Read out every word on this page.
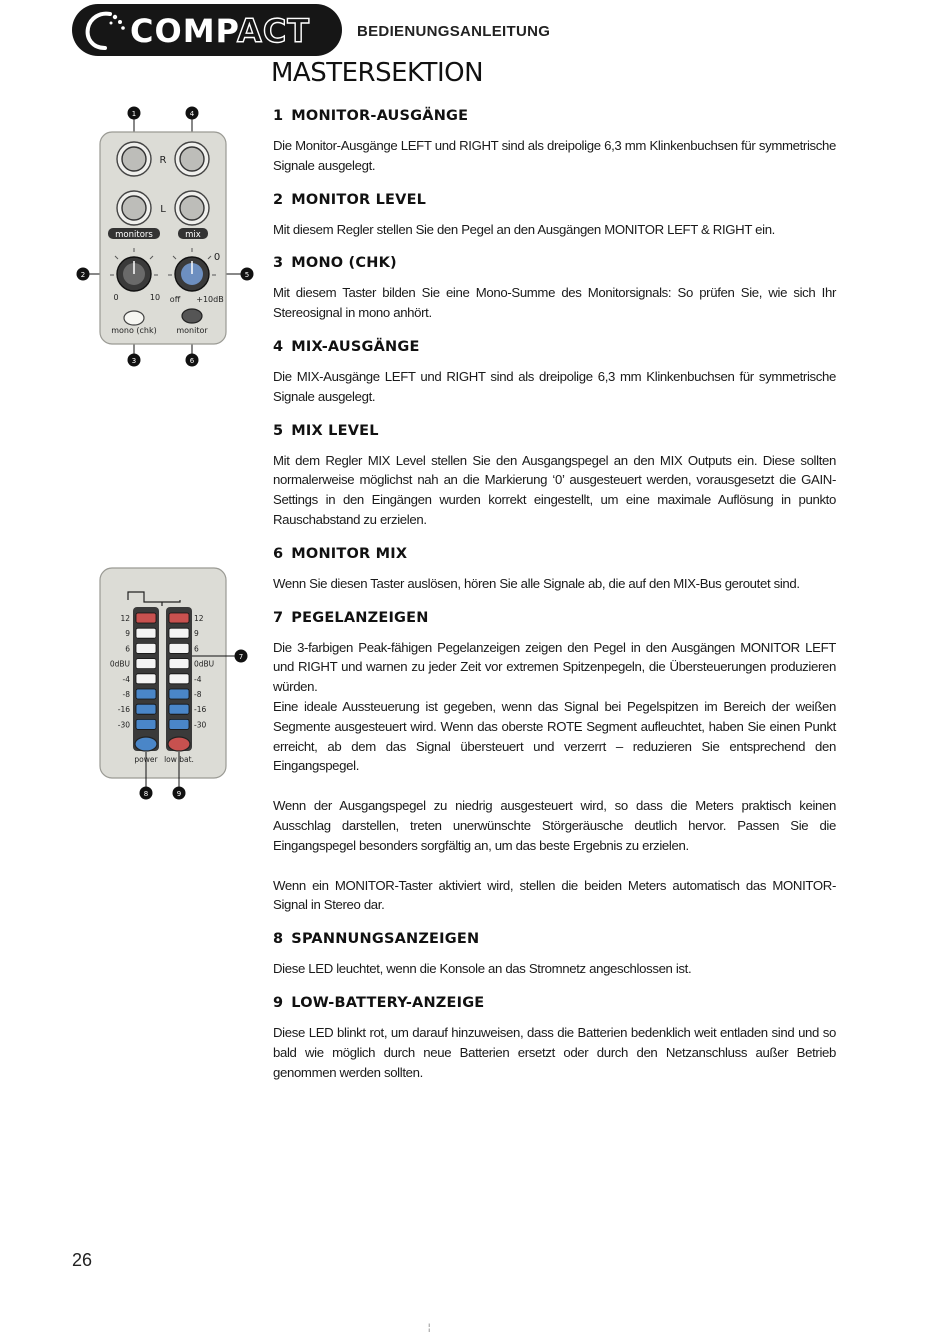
COMPACT	BEDIENUNGSANLEITUNG
MASTERSEKTION
R
L
monitors	mix
0	10 off +10dB
0
mono (chk) monitor
1	4
2	5
3	6
12
9
6
0dBU
-4
-8
-16
-30
12
9
6
0dBU
-4
-8
-16
-30
power low bat.
7
8	9
1 MONITOR-AUSGÄNGE

Die Monitor-Ausgänge LEFT und RIGHT sind als dreipolige 6,3 mm Klinkenbuchsen für symmetrische Signale ausgelegt.

2 MONITOR LEVEL

Mit diesem Regler stellen Sie den Pegel an den Ausgängen MONITOR LEFT & RIGHT ein.

3 MONO (CHK)

Mit diesem Taster bilden Sie eine Mono-Summe des Monitorsignals: So prüfen Sie, wie sich Ihr Stereosignal in mono anhört.

4 MIX-AUSGÄNGE

Die MIX-Ausgänge LEFT und RIGHT sind als dreipolige 6,3 mm Klinkenbuchsen für symmetrische Signale ausgelegt.

5 MIX LEVEL

Mit dem Regler MIX Level stellen Sie den Ausgangspegel an den MIX Outputs ein. Diese sollten normalerweise möglichst nah an die Markierung ‘0’ ausgesteuert werden, vorausgesetzt die GAIN-Settings in den Eingängen wurden korrekt eingestellt, um eine maximale Auflösung in punkto Rauschabstand zu erzielen.

6 MONITOR MIX

Wenn Sie diesen Taster auslösen, hören Sie alle Signale ab, die auf den MIX-Bus geroutet sind.

7 PEGELANZEIGEN

Die 3-farbigen Peak-fähigen Pegelanzeigen zeigen den Pegel in den Ausgängen MONITOR LEFT und RIGHT und warnen zu jeder Zeit vor extremen Spitzenpegeln, die Übersteuerungen produzieren würden.

Eine ideale Aussteuerung ist gegeben, wenn das Signal bei Pegelspitzen im Bereich der weißen Segmente ausgesteuert wird. Wenn das oberste ROTE Segment aufleuchtet, haben Sie einen Punkt erreicht, ab dem das Signal übersteuert und verzerrt – reduzieren Sie entsprechend den Eingangspegel.

Wenn der Ausgangspegel zu niedrig ausgesteuert wird, so dass die Meters praktisch keinen Ausschlag darstellen, treten unerwünschte Störgeräusche deutlich hervor. Passen Sie die Eingangspegel besonders sorgfältig an, um das beste Ergebnis zu erzielen.

Wenn ein MONITOR-Taster aktiviert wird, stellen die beiden Meters automatisch das MONITOR-Signal in Stereo dar.

8 SPANNUNGSANZEIGEN

Diese LED leuchtet, wenn die Konsole an das Stromnetz angeschlossen ist.

9 LOW-BATTERY-ANZEIGE

Diese LED blinkt rot, um darauf hinzuweisen, dass die Batterien bedenklich weit entladen sind und so bald wie möglich durch neue Batterien ersetzt oder durch den Netzanschluss außer Betrieb genommen werden sollten.

26
¦
